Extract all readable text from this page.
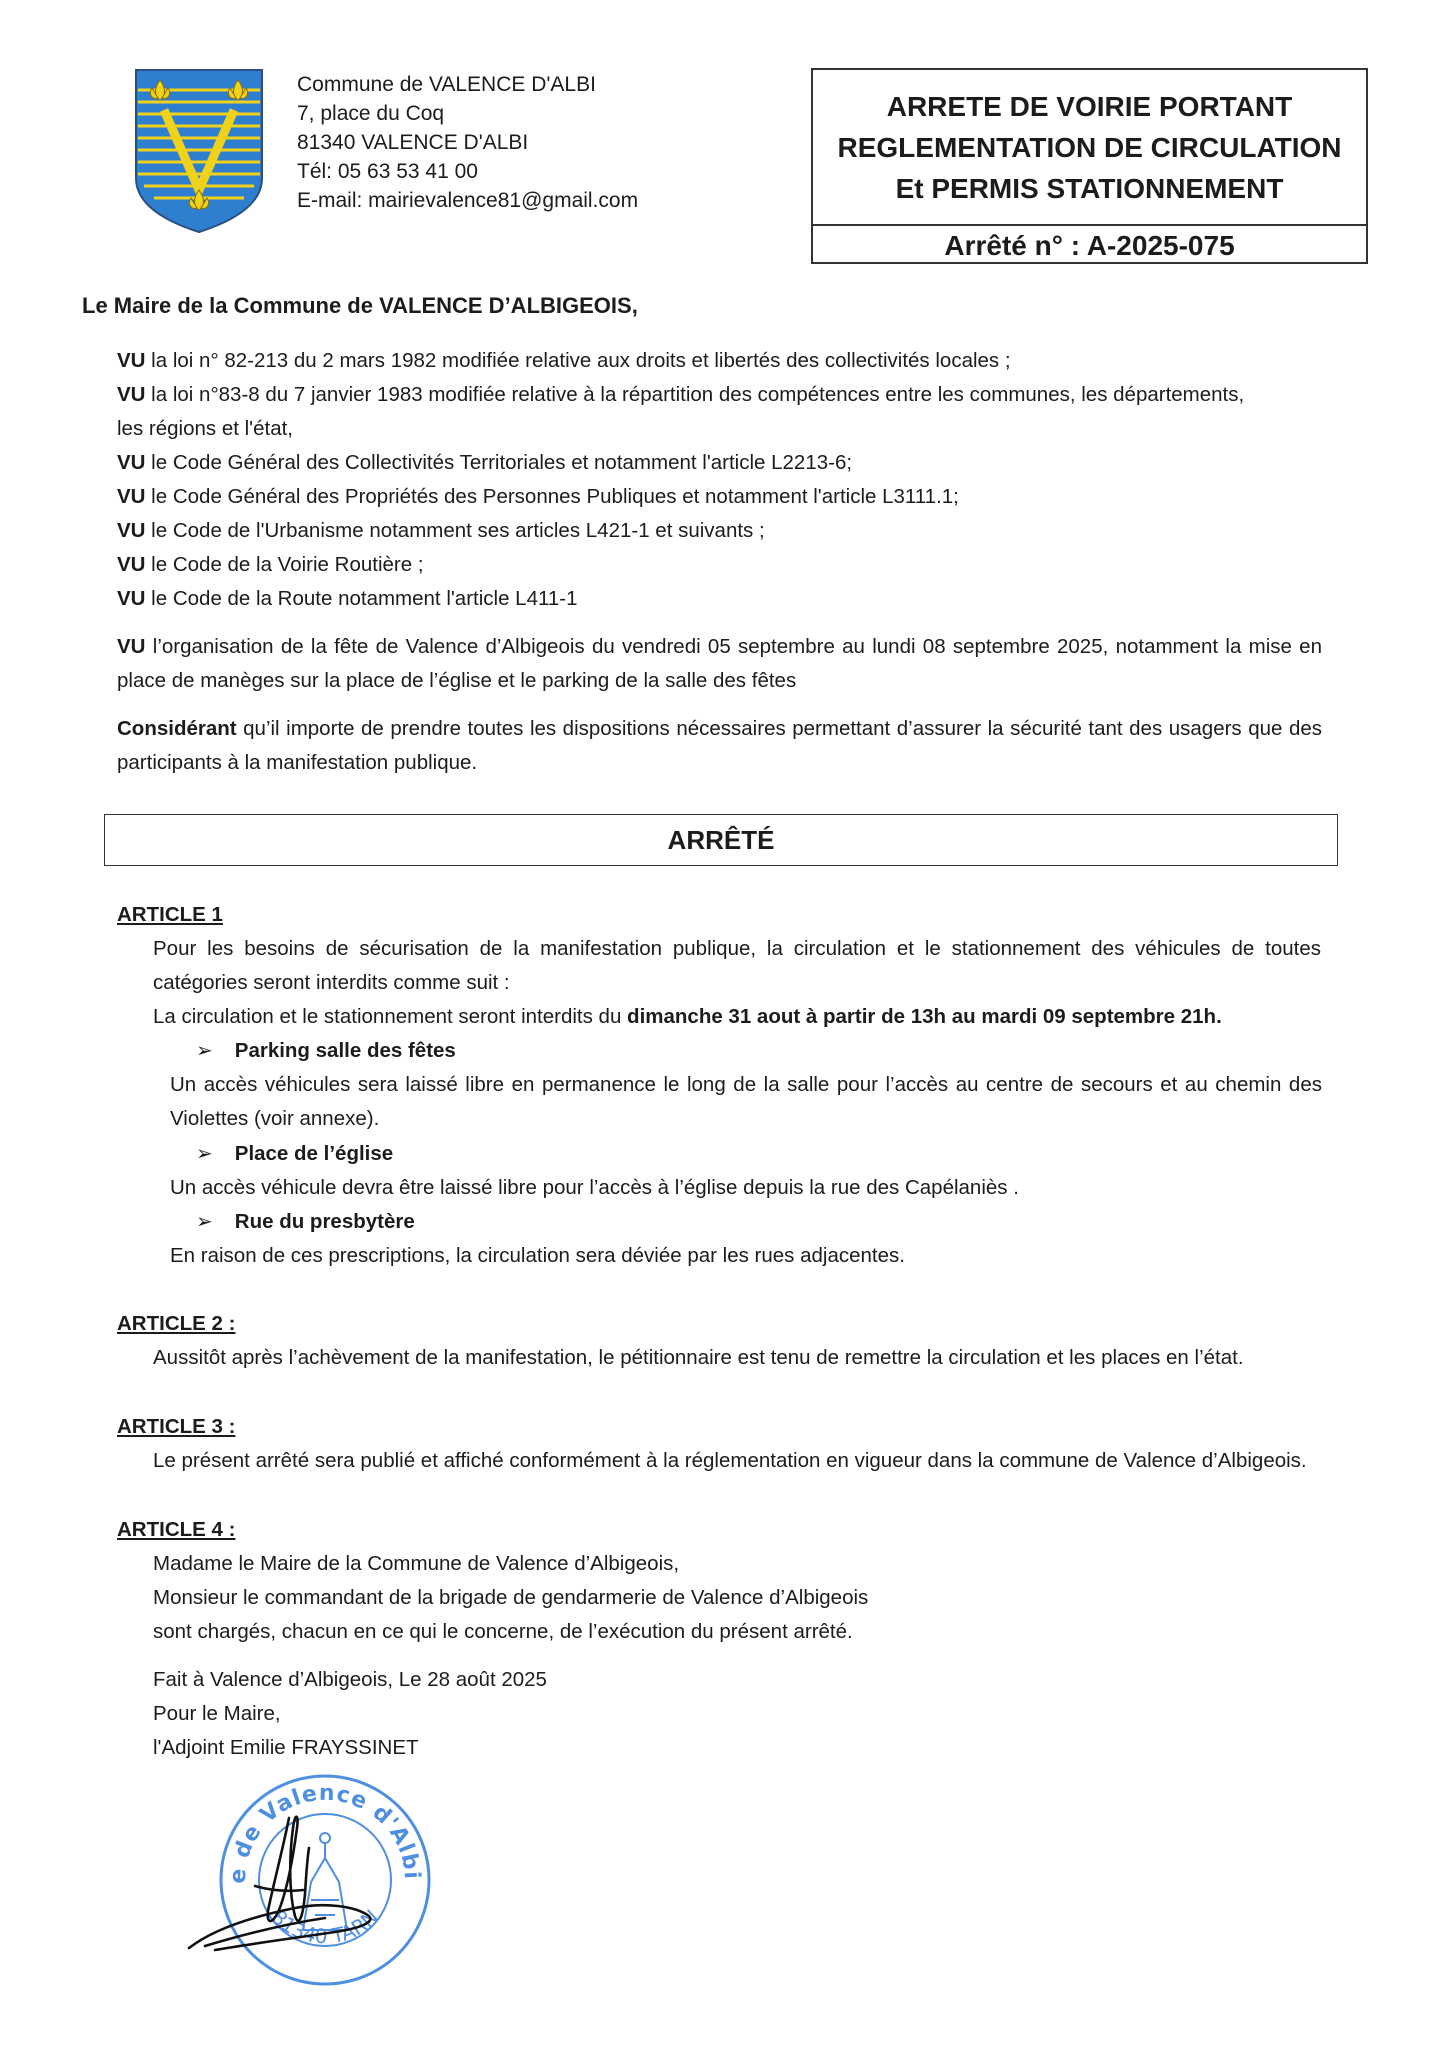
Commune de VALENCE D'ALBI
7, place du Coq
81340 VALENCE D'ALBI
Tél: 05 63 53 41 00
E-mail: mairievalence81@gmail.com
ARRETE DE VOIRIE PORTANT
REGLEMENTATION DE CIRCULATION
Et PERMIS STATIONNEMENT
Arrêté n° : A-2025-075
Le Maire de la Commune de VALENCE D’ALBIGEOIS,
VU la loi n° 82-213 du 2 mars 1982 modifiée relative aux droits et libertés des collectivités locales ;
VU la loi n°83-8 du 7 janvier 1983 modifiée relative à la répartition des compétences entre les communes, les départements,
les régions et l'état,
VU le Code Général des Collectivités Territoriales et notamment l'article L2213-6;
VU le Code Général des Propriétés des Personnes Publiques et notamment l'article L3111.1;
VU le Code de l'Urbanisme notamment ses articles L421-1 et suivants ;
VU le Code de la Voirie Routière ;
VU le Code de la Route notamment l'article L411-1
VU l’organisation de la fête de Valence d’Albigeois du vendredi 05 septembre au lundi 08 septembre 2025, notamment la mise en place de manèges sur la place de l’église et le parking de la salle des fêtes
Considérant qu’il importe de prendre toutes les dispositions nécessaires permettant d’assurer la sécurité tant des usagers que des participants à la manifestation publique.
ARRÊTÉ
ARTICLE 1
Pour les besoins de sécurisation de la manifestation publique, la circulation et le stationnement des véhicules de toutes catégories seront interdits comme suit :
La circulation et le stationnement seront interdits du dimanche 31 aout à partir de 13h au mardi 09 septembre 21h.
➢ Parking salle des fêtes
Un accès véhicules sera laissé libre en permanence le long de la salle pour l’accès au centre de secours et au chemin des Violettes (voir annexe).
➢ Place de l’église
Un accès véhicule devra être laissé libre pour l’accès à l’église depuis la rue des Capélaniès .
➢ Rue du presbytère
En raison de ces prescriptions, la circulation sera déviée par les rues adjacentes.
ARTICLE 2 :
Aussitôt après l’achèvement de la manifestation, le pétitionnaire est tenu de remettre la circulation et les places en l’état.
ARTICLE 3 :
Le présent arrêté sera publié et affiché conformément à la réglementation en vigueur dans la commune de Valence d’Albigeois.
ARTICLE 4 :
Madame le Maire de la Commune de Valence d’Albigeois,
Monsieur le commandant de la brigade de gendarmerie de Valence d’Albigeois
sont chargés, chacun en ce qui le concerne, de l’exécution du présent arrêté.
Fait à Valence d’Albigeois, Le 28 août 2025
Pour le Maire,
l'Adjoint Emilie FRAYSSINET
e de Valence d'Albi
81340 TARN
